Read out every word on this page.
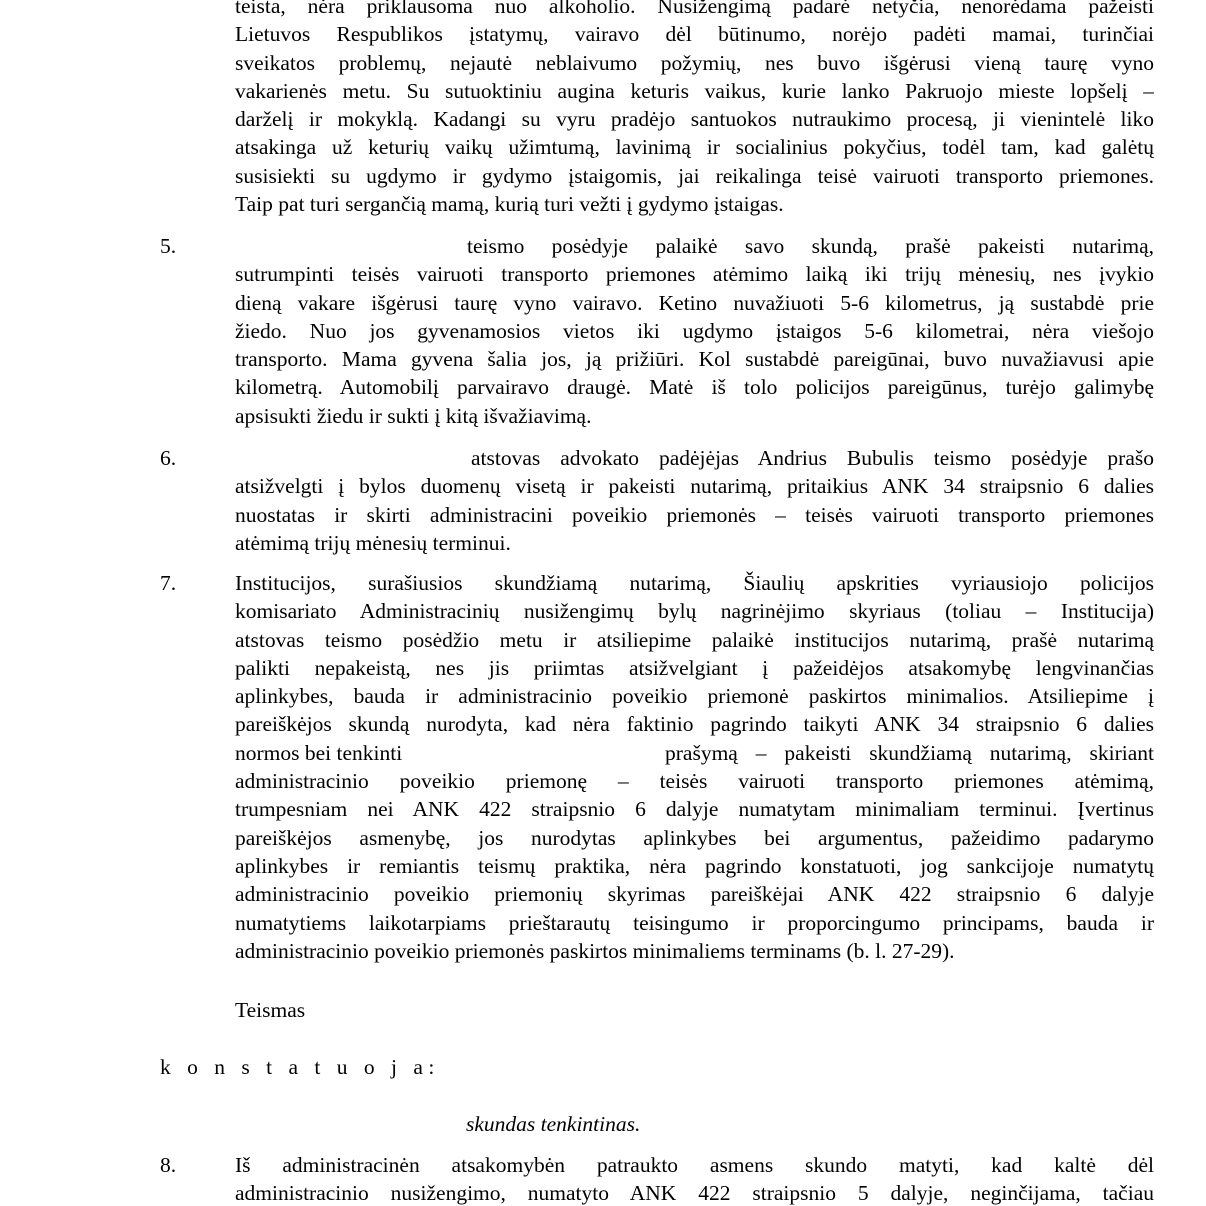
teista, nėra priklausoma nuo alkoholio. Nusižengimą padarė netyčia, nenorėdama pažeisti
Lietuvos Respublikos įstatymų, vairavo dėl būtinumo, norėjo padėti mamai, turinčiai
sveikatos problemų, nejautė neblaivumo požymių, nes buvo išgėrusi vieną taurę vyno
vakarienės metu. Su sutuoktiniu augina keturis vaikus, kurie lanko Pakruojo mieste lopšelį –
darželį ir mokyklą. Kadangi su vyru pradėjo santuokos nutraukimo procesą, ji vienintelė liko
atsakinga už keturių vaikų užimtumą, lavinimą ir socialinius pokyčius, todėl tam, kad galėtų
susisiekti su ugdymo ir gydymo įstaigomis, jai reikalinga teisė vairuoti transporto priemones.
Taip pat turi sergančią mamą, kurią turi vežti į gydymo įstaigas.
5.	teismo posėdyje palaikė savo skundą, prašė pakeisti nutarimą,
sutrumpinti teisės vairuoti transporto priemones atėmimo laiką iki trijų mėnesių, nes įvykio
dieną vakare išgėrusi taurę vyno vairavo. Ketino nuvažiuoti 5-6 kilometrus, ją sustabdė prie
žiedo. Nuo jos gyvenamosios vietos iki ugdymo įstaigos 5-6 kilometrai, nėra viešojo
transporto. Mama gyvena šalia jos, ją prižiūri. Kol sustabdė pareigūnai, buvo nuvažiavusi apie
kilometrą. Automobilį parvairavo draugė. Matė iš tolo policijos pareigūnus, turėjo galimybę
apsisukti žiedu ir sukti į kitą išvažiavimą.
6.	atstovas advokato padėjėjas Andrius Bubulis teismo posėdyje prašo
atsižvelgti į bylos duomenų visetą ir pakeisti nutarimą, pritaikius ANK 34 straipsnio 6 dalies
nuostatas ir skirti administracini poveikio priemonės – teisės vairuoti transporto priemones
atėmimą trijų mėnesių terminui.
7.	Institucijos, surašiusios skundžiamą nutarimą, Šiaulių apskrities vyriausiojo policijos
komisariato Administracinių nusižengimų bylų nagrinėjimo skyriaus (toliau – Institucija)
atstovas teismo posėdžio metu ir atsiliepime palaikė institucijos nutarimą, prašė nutarimą
palikti nepakeistą, nes jis priimtas atsižvelgiant į pažeidėjos atsakomybę lengvinančias
aplinkybes, bauda ir administracinio poveikio priemonė paskirtos minimalios. Atsiliepime į
pareiškėjos skundą nurodyta, kad nėra faktinio pagrindo taikyti ANK 34 straipsnio 6 dalies
normos bei tenkinti	prašymą – pakeisti skundžiamą nutarimą, skiriant
administracinio poveikio priemonę – teisės vairuoti transporto priemones atėmimą,
trumpesniam nei ANK 422 straipsnio 6 dalyje numatytam minimaliam terminui. Įvertinus
pareiškėjos asmenybę, jos nurodytas aplinkybes bei argumentus, pažeidimo padarymo
aplinkybes ir remiantis teismų praktika, nėra pagrindo konstatuoti, jog sankcijoje numatytų
administracinio poveikio priemonių skyrimas pareiškėjai ANK 422 straipsnio 6 dalyje
numatytiems laikotarpiams prieštarautų teisingumo ir proporcingumo principams, bauda ir
administracinio poveikio priemonės paskirtos minimaliems terminams (b. l. 27-29).
Teismas
k o n s t a t u o j a:
skundas tenkintinas.
8.	Iš administracinėn atsakomybėn patraukto asmens skundo matyti, kad kaltė dėl
administracinio nusižengimo, numatyto ANK 422 straipsnio 5 dalyje, neginčijama, tačiau
